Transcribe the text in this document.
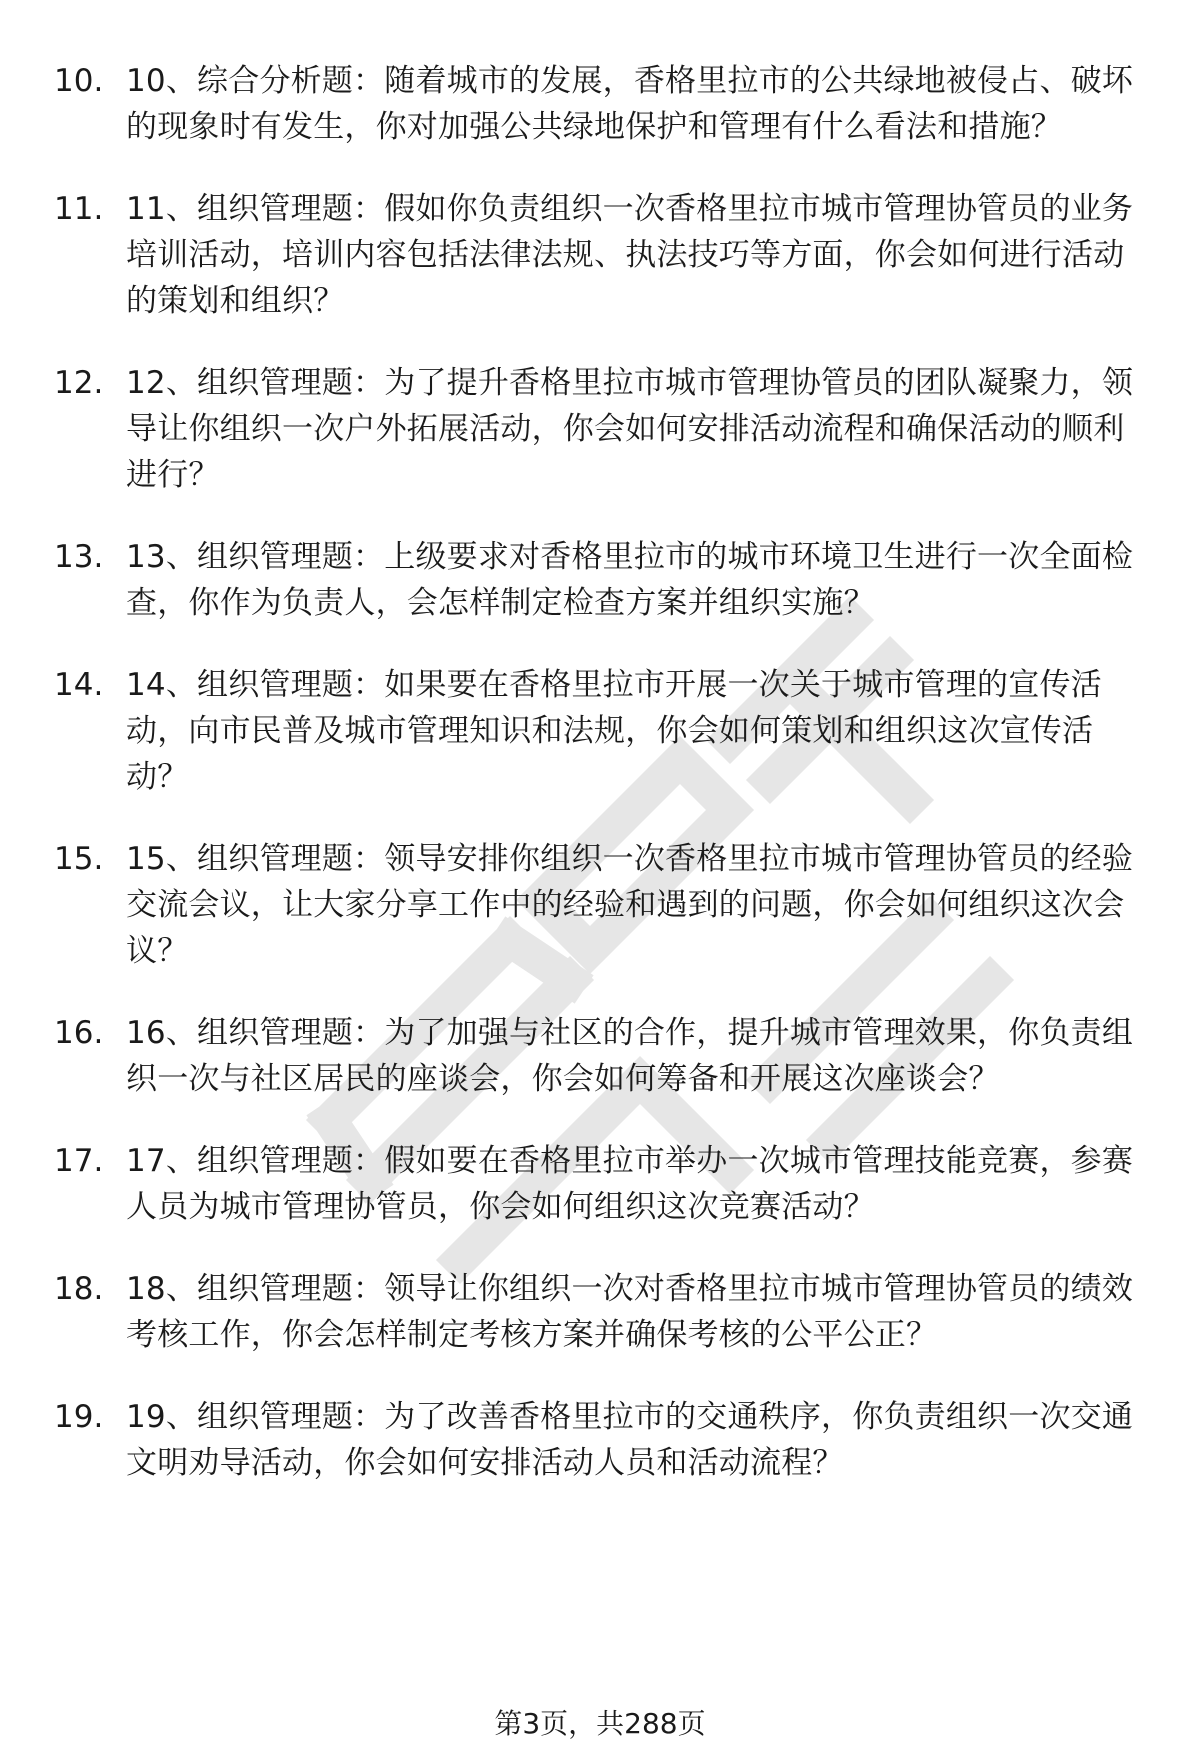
10. 10、综合分析题：随着城市的发展，香格里拉市的公共绿地被侵占、破坏的现象时有发生，你对加强公共绿地保护和管理有什么看法和措施？
11. 11、组织管理题：假如你负责组织一次香格里拉市城市管理协管员的业务培训活动，培训内容包括法律法规、执法技巧等方面，你会如何进行活动的策划和组织？
12. 12、组织管理题：为了提升香格里拉市城市管理协管员的团队凝聚力，领导让你组织一次户外拓展活动，你会如何安排活动流程和确保活动的顺利进行？
13. 13、组织管理题：上级要求对香格里拉市的城市环境卫生进行一次全面检查，你作为负责人，会怎样制定检查方案并组织实施？
14. 14、组织管理题：如果要在香格里拉市开展一次关于城市管理的宣传活动，向市民普及城市管理知识和法规，你会如何策划和组织这次宣传活动？
15. 15、组织管理题：领导安排你组织一次香格里拉市城市管理协管员的经验交流会议，让大家分享工作中的经验和遇到的问题，你会如何组织这次会议？
16. 16、组织管理题：为了加强与社区的合作，提升城市管理效果，你负责组织一次与社区居民的座谈会，你会如何筹备和开展这次座谈会？
17. 17、组织管理题：假如要在香格里拉市举办一次城市管理技能竞赛，参赛人员为城市管理协管员，你会如何组织这次竞赛活动？
18. 18、组织管理题：领导让你组织一次对香格里拉市城市管理协管员的绩效考核工作，你会怎样制定考核方案并确保考核的公平公正？
19. 19、组织管理题：为了改善香格里拉市的交通秩序，你负责组织一次交通文明劝导活动，你会如何安排活动人员和活动流程？
第3页，共288页
